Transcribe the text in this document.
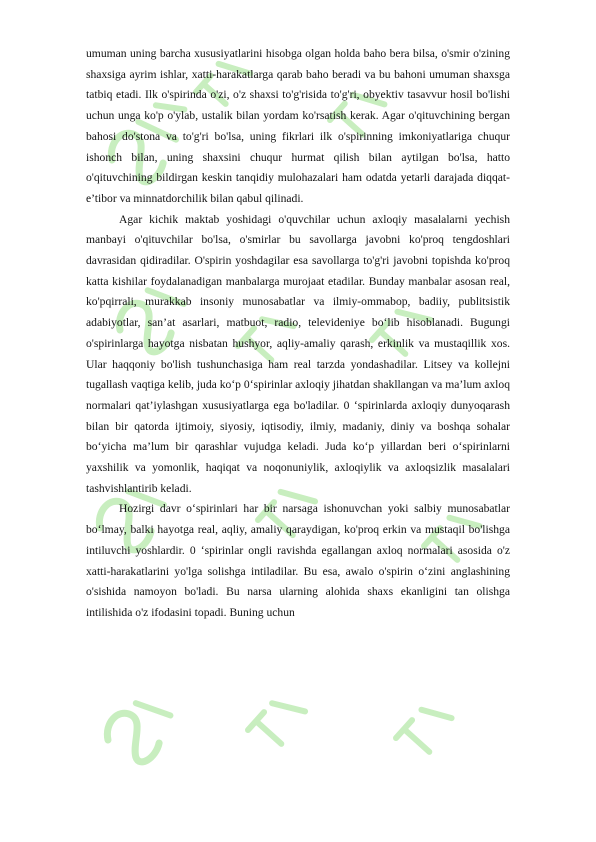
umuman uning barcha xususiyatlarini hisobga olgan holda baho bera bilsa, o'smir o'zining shaxsiga ayrim ishlar, xatti-harakatlarga qarab baho beradi va bu bahoni umuman shaxsga tatbiq etadi. Ilk o'spirinda o'zi, o'z shaxsi to'g'risida to'g'ri, obyektiv tasavvur hosil bo'lishi uchun unga ko'p o'ylab, ustalik bilan yordam ko'rsatish kerak. Agar o'qituvchining bergan bahosi do'stona va to'g'ri bo'lsa, uning fikrlari ilk o'spirinning imkoniyatlariga chuqur ishonch bilan, uning shaxsini chuqur hurmat qilish bilan aytilgan bo'lsa, hatto o'qituvchining bildirgan keskin tanqidiy mulohazalari ham odatda yetarli darajada diqqat-e’tibor va minnatdorchilik bilan qabul qilinadi.

Agar kichik maktab yoshidagi o'quvchilar uchun axloqiy masalalarni yechish manbayi o'qituvchilar bo'lsa, o'smirlar bu savollarga javobni ko'proq tengdoshlari davrasidan qidiradilar. O'spirin yoshdagilar esa savollarga to'g'ri javobni topishda ko'proq katta kishilar foydalanadigan manbalarga murojaat etadilar. Bunday manbalar asosan real, ko'pqirrali, murakkab insoniy munosabatlar va ilmiy-ommabop, badiiy, publitsistik adabiyotlar, san’at asarlari, matbuot, radio, televideniye bo‘lib hisoblanadi. Bugungi o'spirinlarga hayotga nisbatan hushyor, aqliy-amaliy qarash, erkinlik va mustaqillik xos. Ular haqqoniy bo'lish tushunchasiga ham real tarzda yondashadilar. Litsey va kollejni tugallash vaqtiga kelib, juda ko‘p 0‘spirinlar axloqiy jihatdan shakllangan va ma’lum axloq normalari qat’iylashgan xususiyatlarga ega bo'ladilar. 0 ‘spirinlarda axloqiy dunyoqarash bilan bir qatorda ijtimoiy, siyosiy, iqtisodiy, ilmiy, madaniy, diniy va boshqa sohalar bo‘yicha ma’lum bir qarashlar vujudga keladi. Juda ko‘p yillardan beri o‘spirinlarni yaxshilik va yomonlik, haqiqat va noqonuniylik, axloqiylik va axloqsizlik masalalari tashvishlantirib keladi.

Hozirgi davr o‘spirinlari har bir narsaga ishonuvchan yoki salbiy munosabatlar bo‘lmay, balki hayotga real, aqliy, amaliy qaraydigan, ko'proq erkin va mustaqil bo'lishga intiluvchi yoshlardir. 0 ‘spirinlar ongli ravishda egallangan axloq normalari asosida o'z xatti-harakatlarini yo'lga solishga intiladilar. Bu esa, awalo o'spirin o‘zini anglashining o'sishida namoyon bo'ladi. Bu narsa ularning alohida shaxs ekanligini tan olishga intilishida o'z ifodasini topadi. Buning uchun
